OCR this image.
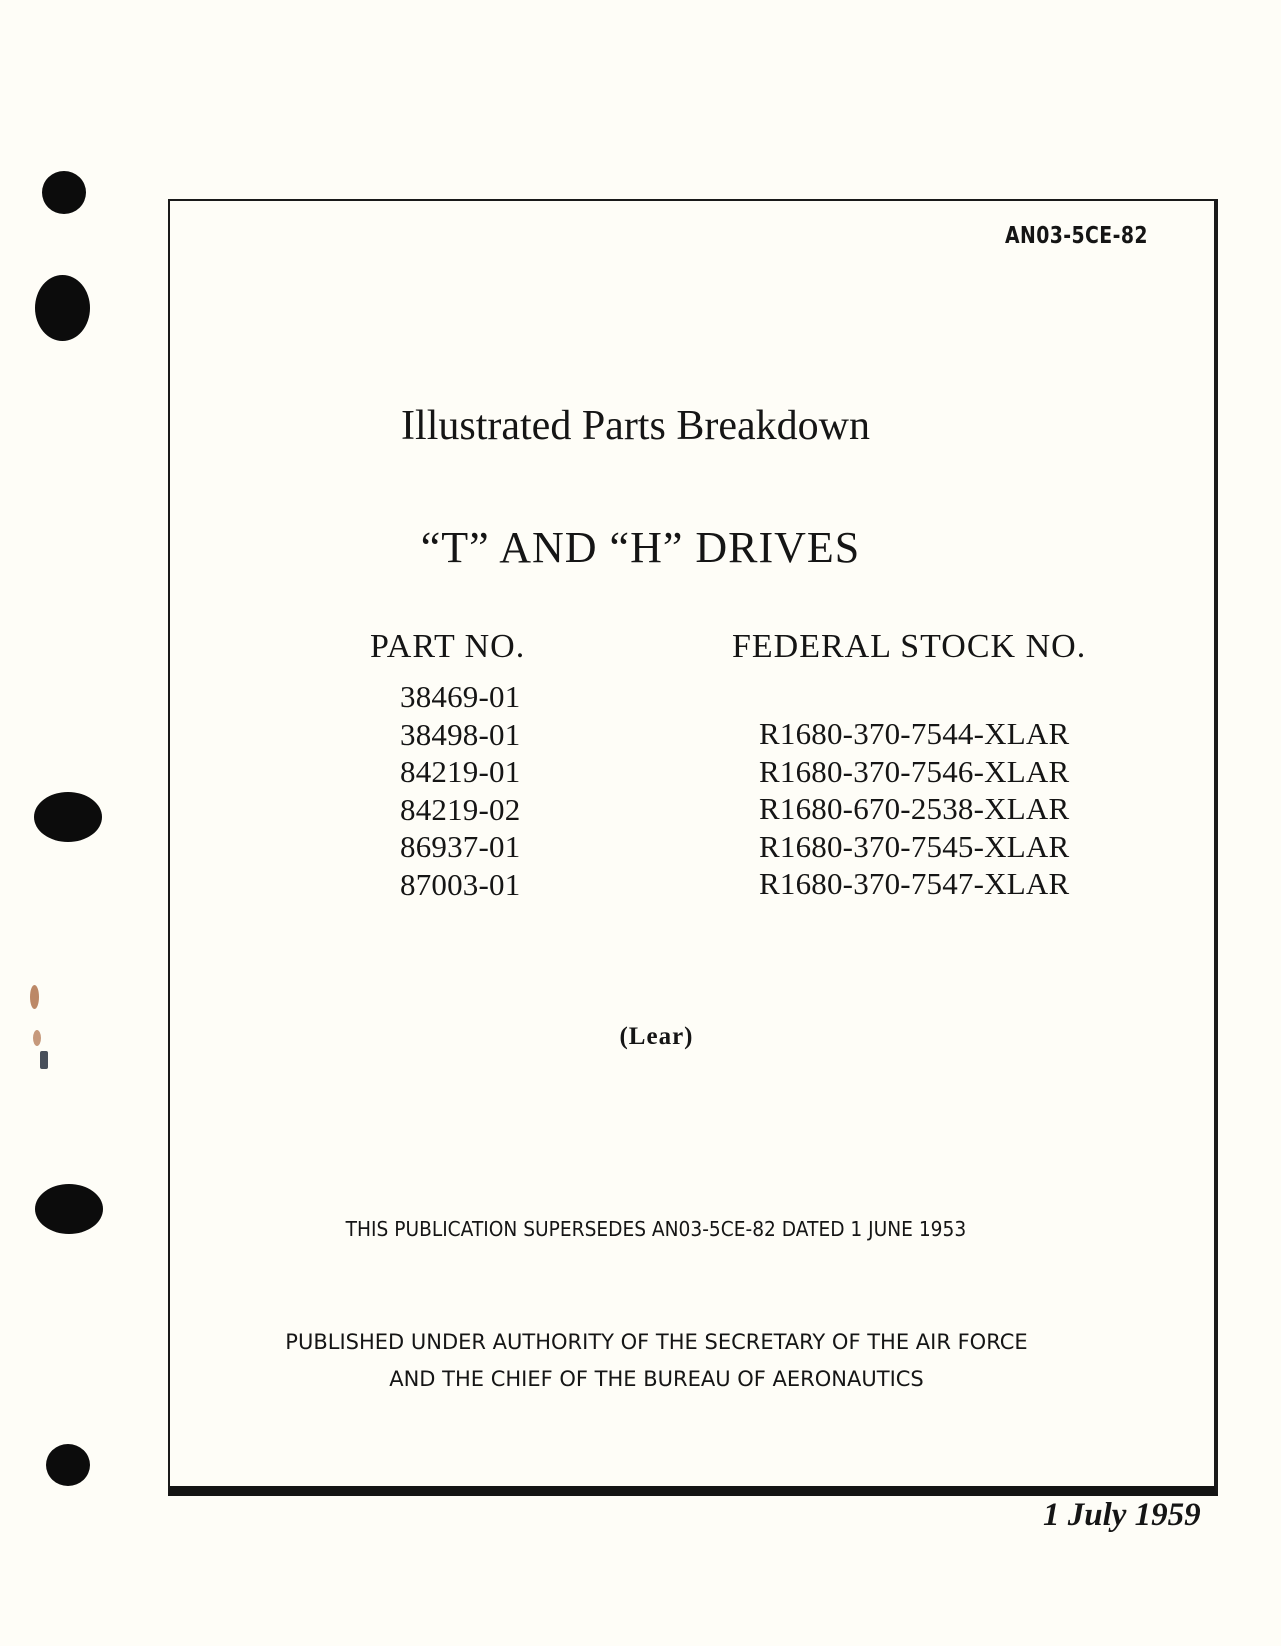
AN03-5CE-82
Illustrated Parts Breakdown
“T” AND “H” DRIVES
PART NO.	FEDERAL STOCK NO.
38469-01
38498-01
84219-01
84219-02
86937-01
87003-01
R1680-370-7544-XLAR
R1680-370-7546-XLAR
R1680-670-2538-XLAR
R1680-370-7545-XLAR
R1680-370-7547-XLAR
(Lear)
THIS PUBLICATION SUPERSEDES AN03-5CE-82 DATED 1 JUNE 1953
PUBLISHED UNDER AUTHORITY OF THE SECRETARY OF THE AIR FORCE
AND THE CHIEF OF THE BUREAU OF AERONAUTICS
1 July 1959
